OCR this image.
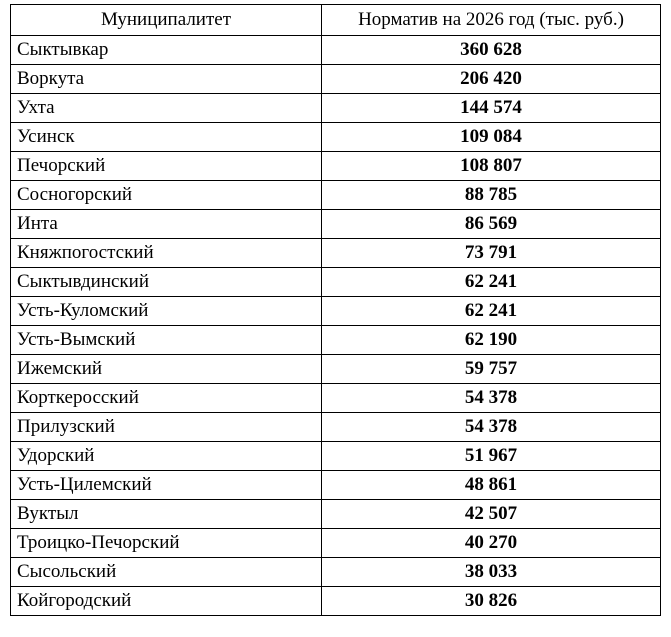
Муниципалитет	Норматив на 2026 год (тыс. руб.)
Сыктывкар	360 628
Воркута	206 420
Ухта	144 574
Усинск	109 084
Печорский	108 807
Сосногорский	88 785
Инта	86 569
Княжпогостский	73 791
Сыктывдинский	62 241
Усть-Куломский	62 241
Усть-Вымский	62 190
Ижемский	59 757
Корткеросский	54 378
Прилузский	54 378
Удорский	51 967
Усть-Цилемский	48 861
Вуктыл	42 507
Троицко-Печорский	40 270
Сысольский	38 033
Койгородский	30 826
